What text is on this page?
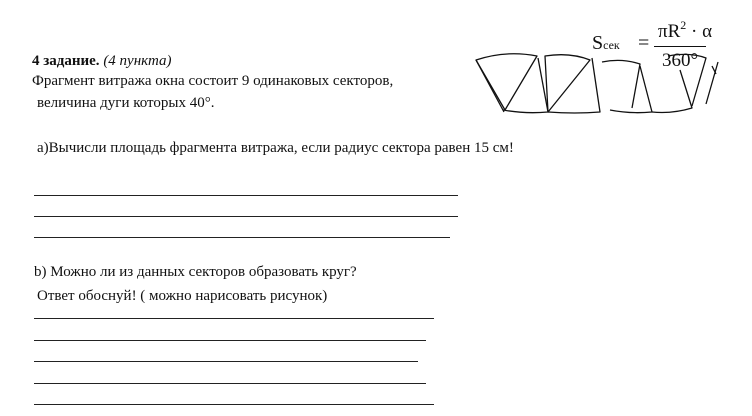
4 задание. (4 пункта)
Фрагмент витража окна состоит 9 одинаковых секторов,
величина дуги которых 40°.
Sсек =
$\pi R^2 \cdot \alpha$
360°
а)Вычисли площадь фрагмента витража, если радиус сектора равен 15 см!
b) Можно ли из данных секторов образовать круг?
Ответ обоснуй! ( можно нарисовать рисунок)
